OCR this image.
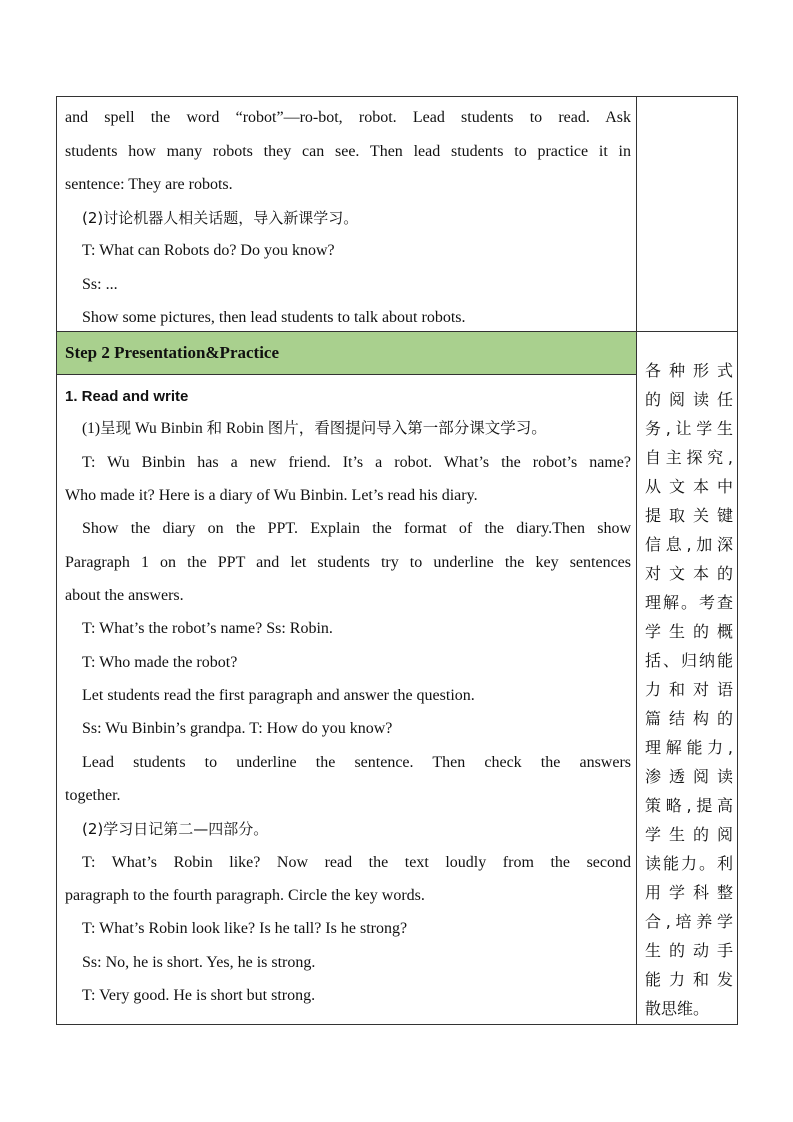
and spell the word “robot”—ro-bot, robot. Lead students to read. Ask
students how many robots they can see. Then lead students to practice it in
sentence: They are robots.
(2)讨论机器人相关话题，导入新课学习。
T: What can Robots do? Do you know?
Ss: ...
Show some pictures, then lead students to talk about robots.
Step 2 Presentation&Practice
1. Read and write
(1)呈现 Wu Binbin 和 Robin 图片，看图提问导入第一部分课文学习。
T: Wu Binbin has a new friend. It’s a robot. What’s the robot’s name?
Who made it? Here is a diary of Wu Binbin. Let’s read his diary.
Show the diary on the PPT. Explain the format of the diary.Then show
Paragraph 1 on the PPT and let students try to underline the key sentences
about the answers.
T: What’s the robot’s name? Ss: Robin.
T: Who made the robot?
Let students read the first paragraph and answer the question.
Ss: Wu Binbin’s grandpa. T: How do you know?
Lead students to underline the sentence. Then check the answers
together.
(2)学习日记第二—四部分。
T: What’s Robin like? Now read the text loudly from the second
paragraph to the fourth paragraph. Circle the key words.
T: What’s Robin look like? Is he tall? Is he strong?
Ss: No, he is short. Yes, he is strong.
T: Very good. He is short but strong.
各种形式
的阅读任
务,让学生
自主探究,
从文本中
提取关键
信息,加深
对文本的
理解。考查
学生的概
括、归纳能
力和对语
篇结构的
理解能力,
渗透阅读
策略,提高
学生的阅
读能力。利
用学科整
合,培养学
生的动手
能力和发
散思维。
